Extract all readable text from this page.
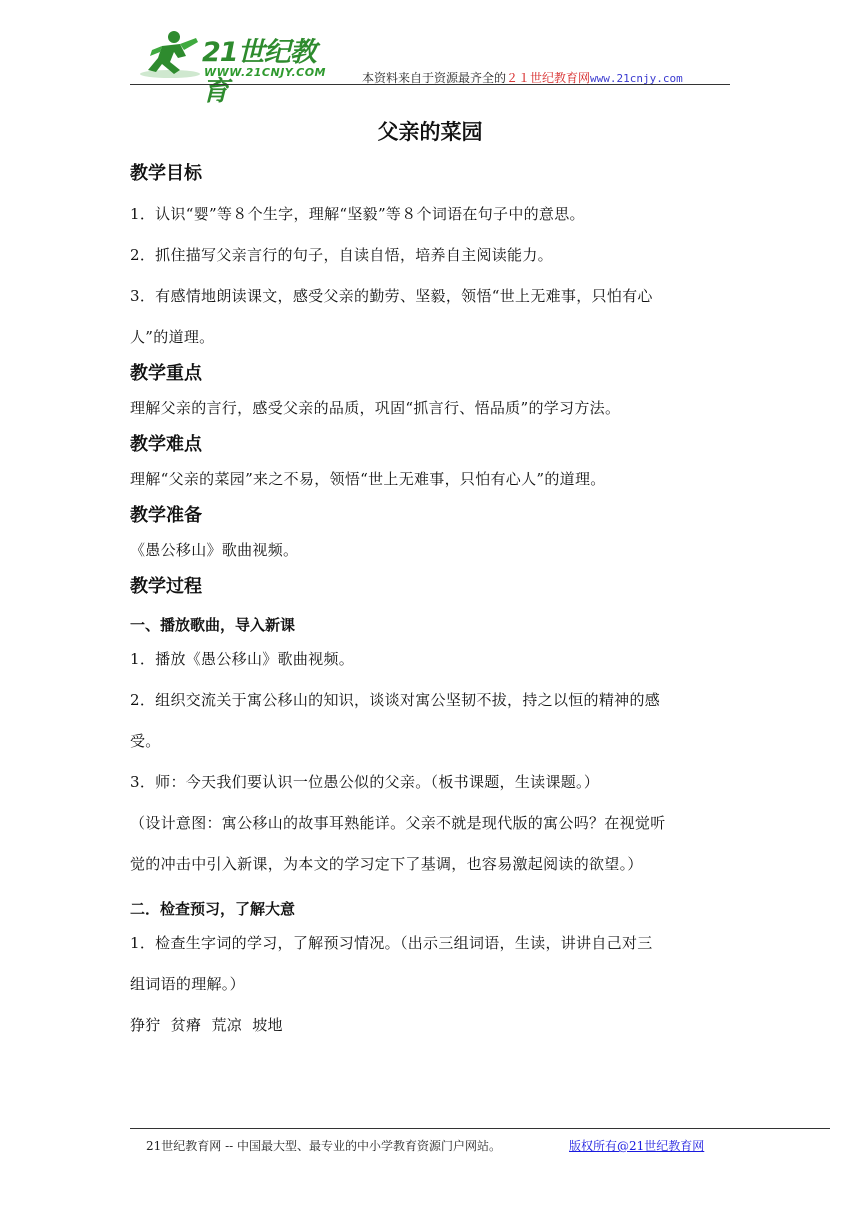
21世纪教育
WWW.21CNJY.COM	本资料来自于资源最齐全的２１世纪教育网www.21cnjy.com
父亲的菜园
教学目标

1．认识“婴”等８个生字，理解“坚毅”等８个词语在句子中的意思。

2．抓住描写父亲言行的句子，自读自悟，培养自主阅读能力。

3．有感情地朗读课文，感受父亲的勤劳、坚毅，领悟“世上无难事，只怕有心

人”的道理。

教学重点

理解父亲的言行，感受父亲的品质，巩固“抓言行、悟品质”的学习方法。

教学难点

理解“父亲的菜园”来之不易，领悟“世上无难事，只怕有心人”的道理。

教学准备

《愚公移山》歌曲视频。

教学过程
一、播放歌曲，导入新课

1．播放《愚公移山》歌曲视频。

2．组织交流关于寓公移山的知识，谈谈对寓公坚韧不拔，持之以恒的精神的感

受。

3．师：今天我们要认识一位愚公似的父亲。（板书课题，生读课题。）

（设计意图：寓公移山的故事耳熟能详。父亲不就是现代版的寓公吗？在视觉听

觉的冲击中引入新课，为本文的学习定下了基调，也容易激起阅读的欲望。）

二．检查预习，了解大意

1．检查生字词的学习，了解预习情况。（出示三组词语，生读，讲讲自己对三

组词语的理解。）

狰狞  贫瘠  荒凉  坡地

21世纪教育网 -- 中国最大型、最专业的中小学教育资源门户网站。	版权所有@21世纪教育网
